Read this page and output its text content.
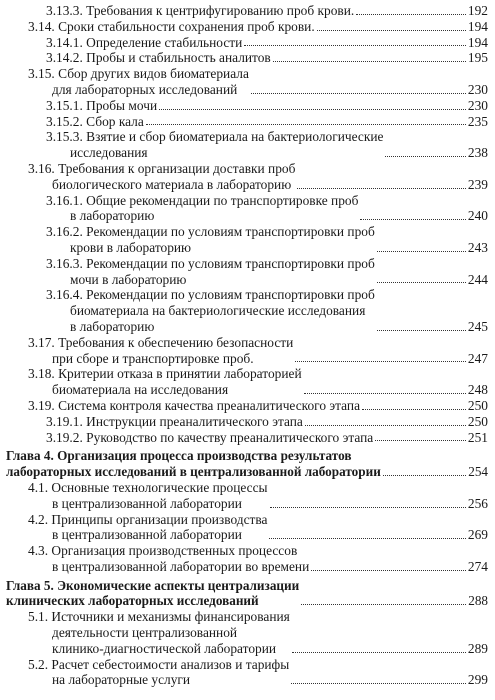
3.13.3. Требования к центрифугированию проб крови.	192
3.14. Сроки стабильности сохранения проб крови.	194
3.14.1. Определение стабильности	194
3.14.2. Пробы и стабильность аналитов	195
3.15. Сбор других видов биоматериала
для лабораторных исследований	230
3.15.1. Пробы мочи	230
3.15.2. Сбор кала	235
3.15.3. Взятие и сбор биоматериала на бактериологические
исследования	238
3.16. Требования к организации доставки проб
биологического материала в лабораторию	239
3.16.1. Общие рекомендации по транспортировке проб
в лабораторию	240
3.16.2. Рекомендации по условиям транспортировки проб
крови в лабораторию	243
3.16.3. Рекомендации по условиям транспортировки проб
мочи в лабораторию	244
3.16.4. Рекомендации по условиям транспортировки проб
биоматериала на бактериологические исследования
в лабораторию	245
3.17. Требования к обеспечению безопасности
при сборе и транспортировке проб.	247
3.18. Критерии отказа в принятии лабораторией
биоматериала на исследования	248
3.19. Система контроля качества преаналитического этапа	250
3.19.1. Инструкции преаналитического этапа	250
3.19.2. Руководство по качеству преаналитического этапа	251
Глава 4. Организация процесса производства результатов
лабораторных исследований в централизованной лаборатории	254
4.1. Основные технологические процессы
в централизованной лаборатории	256
4.2. Принципы организации производства
в централизованной лаборатории	269
4.3. Организация производственных процессов
в централизованной лаборатории во времени	274
Глава 5. Экономические аспекты централизации
клинических лабораторных исследований	288
5.1. Источники и механизмы финансирования
деятельности централизованной
клинико-диагностической лаборатории	289
5.2. Расчет себестоимости анализов и тарифы
на лабораторные услуги	299
